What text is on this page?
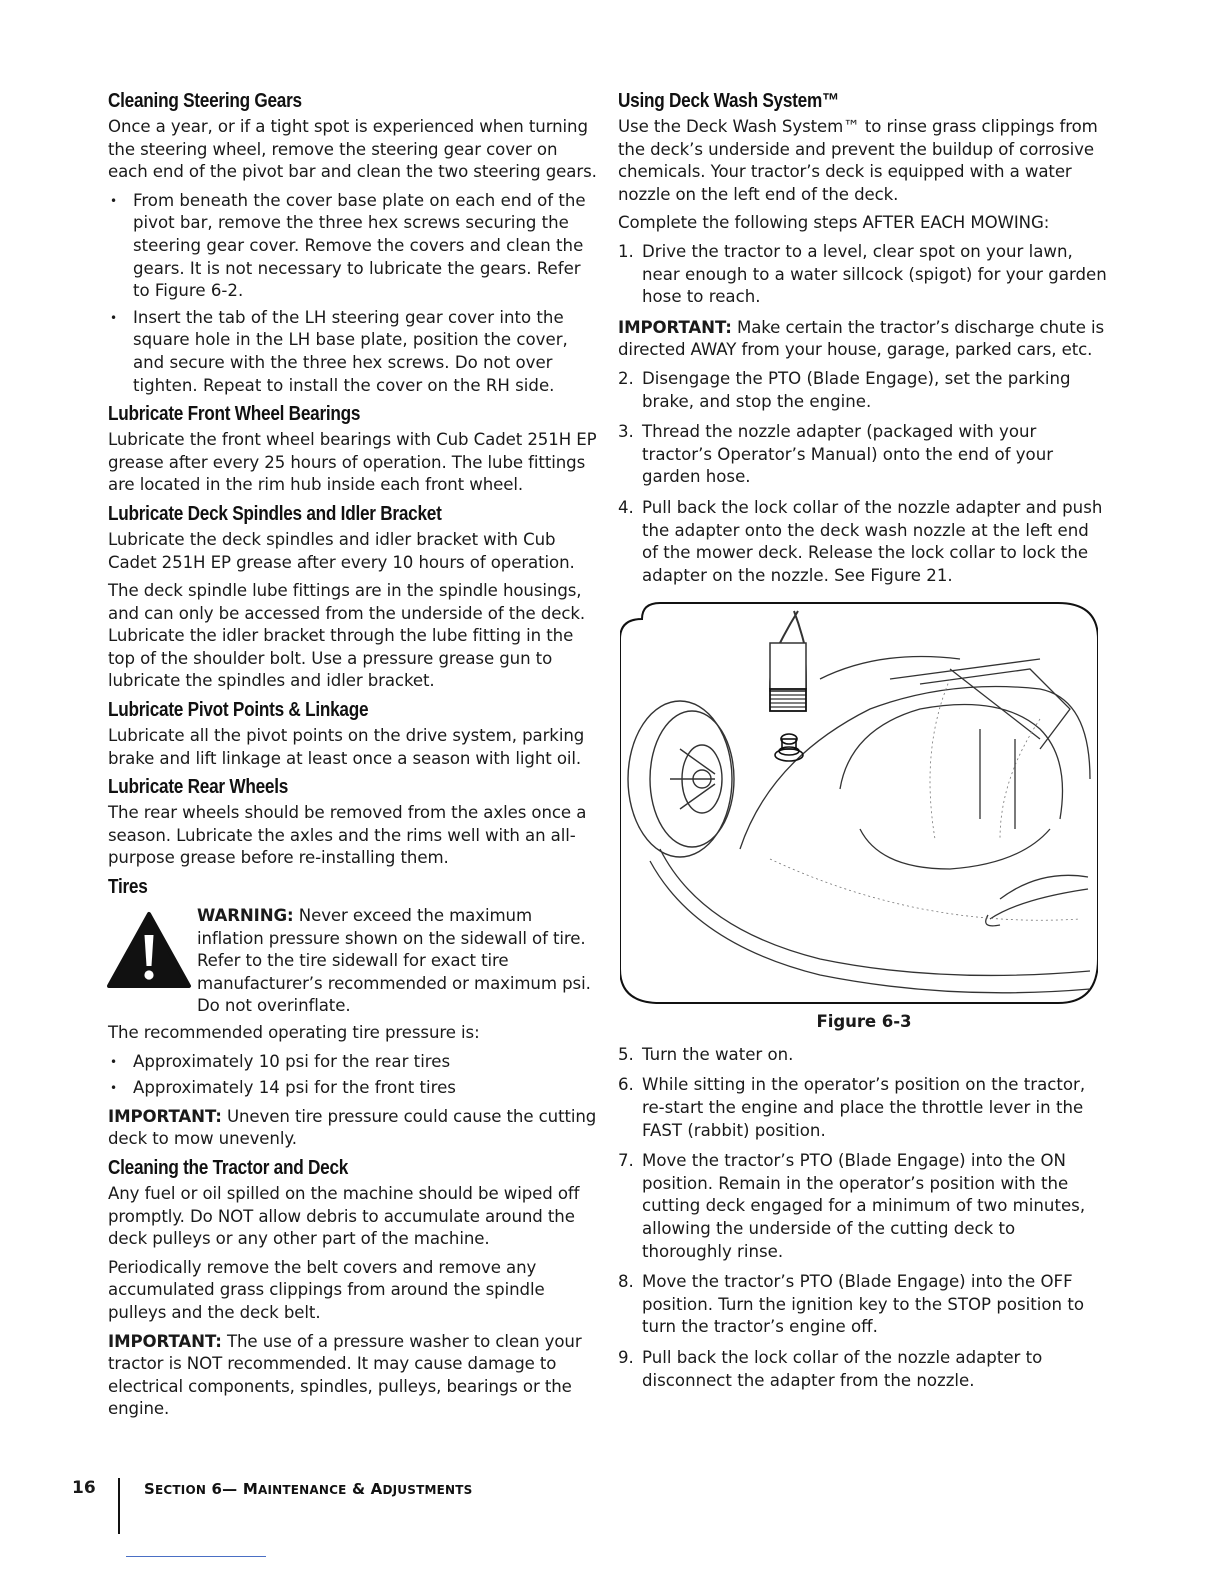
Cleaning Steering Gears

Once a year, or if a tight spot is experienced when turning the steering wheel, remove the steering gear cover on each end of the pivot bar and clean the two steering gears.

• From beneath the cover base plate on each end of the pivot bar, remove the three hex screws securing the steering gear cover. Remove the covers and clean the gears. It is not necessary to lubricate the gears. Refer to Figure 6-2.
• Insert the tab of the LH steering gear cover into the square hole in the LH base plate, position the cover, and secure with the three hex screws. Do not over tighten. Repeat to install the cover on the RH side.
Lubricate Front Wheel Bearings

Lubricate the front wheel bearings with Cub Cadet 251H EP grease after every 25 hours of operation. The lube fittings are located in the rim hub inside each front wheel.

Lubricate Deck Spindles and Idler Bracket

Lubricate the deck spindles and idler bracket with Cub Cadet 251H EP grease after every 10 hours of operation.

The deck spindle lube fittings are in the spindle housings, and can only be accessed from the underside of the deck. Lubricate the idler bracket through the lube fitting in the top of the shoulder bolt. Use a pressure grease gun to lubricate the spindles and idler bracket.

Lubricate Pivot Points & Linkage

Lubricate all the pivot points on the drive system, parking brake and lift linkage at least once a season with light oil.

Lubricate Rear Wheels

The rear wheels should be removed from the axles once a season. Lubricate the axles and the rims well with an all-purpose grease before re-installing them.

Tires

WARNING: Never exceed the maximum inflation pressure shown on the sidewall of tire. Refer to the tire sidewall for exact tire manufacturer’s recommended or maximum psi. Do not overinflate.

The recommended operating tire pressure is:

• Approximately 10 psi for the rear tires
• Approximately 14 psi for the front tires

IMPORTANT: Uneven tire pressure could cause the cutting deck to mow unevenly.

Cleaning the Tractor and Deck

Any fuel or oil spilled on the machine should be wiped off promptly. Do NOT allow debris to accumulate around the deck pulleys or any other part of the machine.

Periodically remove the belt covers and remove any accumulated grass clippings from around the spindle pulleys and the deck belt.

IMPORTANT: The use of a pressure washer to clean your tractor is NOT recommended. It may cause damage to electrical components, spindles, pulleys, bearings or the engine.

Using Deck Wash System™

Use the Deck Wash System™ to rinse grass clippings from the deck’s underside and prevent the buildup of corrosive chemicals. Your tractor’s deck is equipped with a water nozzle on the left end of the deck.

Complete the following steps AFTER EACH MOWING:

1. Drive the tractor to a level, clear spot on your lawn, near enough to a water sillcock (spigot) for your garden hose to reach.

IMPORTANT: Make certain the tractor’s discharge chute is directed AWAY from your house, garage, parked cars, etc.

2. Disengage the PTO (Blade Engage), set the parking brake, and stop the engine.
3. Thread the nozzle adapter (packaged with your tractor’s Operator’s Manual) onto the end of your garden hose.
4. Pull back the lock collar of the nozzle adapter and push the adapter onto the deck wash nozzle at the left end of the mower deck. Release the lock collar to lock the adapter on the nozzle. See Figure 21.

Figure 6-3

5. Turn the water on.
6. While sitting in the operator’s position on the tractor, re-start the engine and place the throttle lever in the FAST (rabbit) position.
7. Move the tractor’s PTO (Blade Engage) into the ON position. Remain in the operator’s position with the cutting deck engaged for a minimum of two minutes, allowing the underside of the cutting deck to thoroughly rinse.
8. Move the tractor’s PTO (Blade Engage) into the OFF position. Turn the ignition key to the STOP position to turn the tractor’s engine off.
9. Pull back the lock collar of the nozzle adapter to disconnect the adapter from the nozzle.
16	SECTION 6— MAINTENANCE & ADJUSTMENTS
